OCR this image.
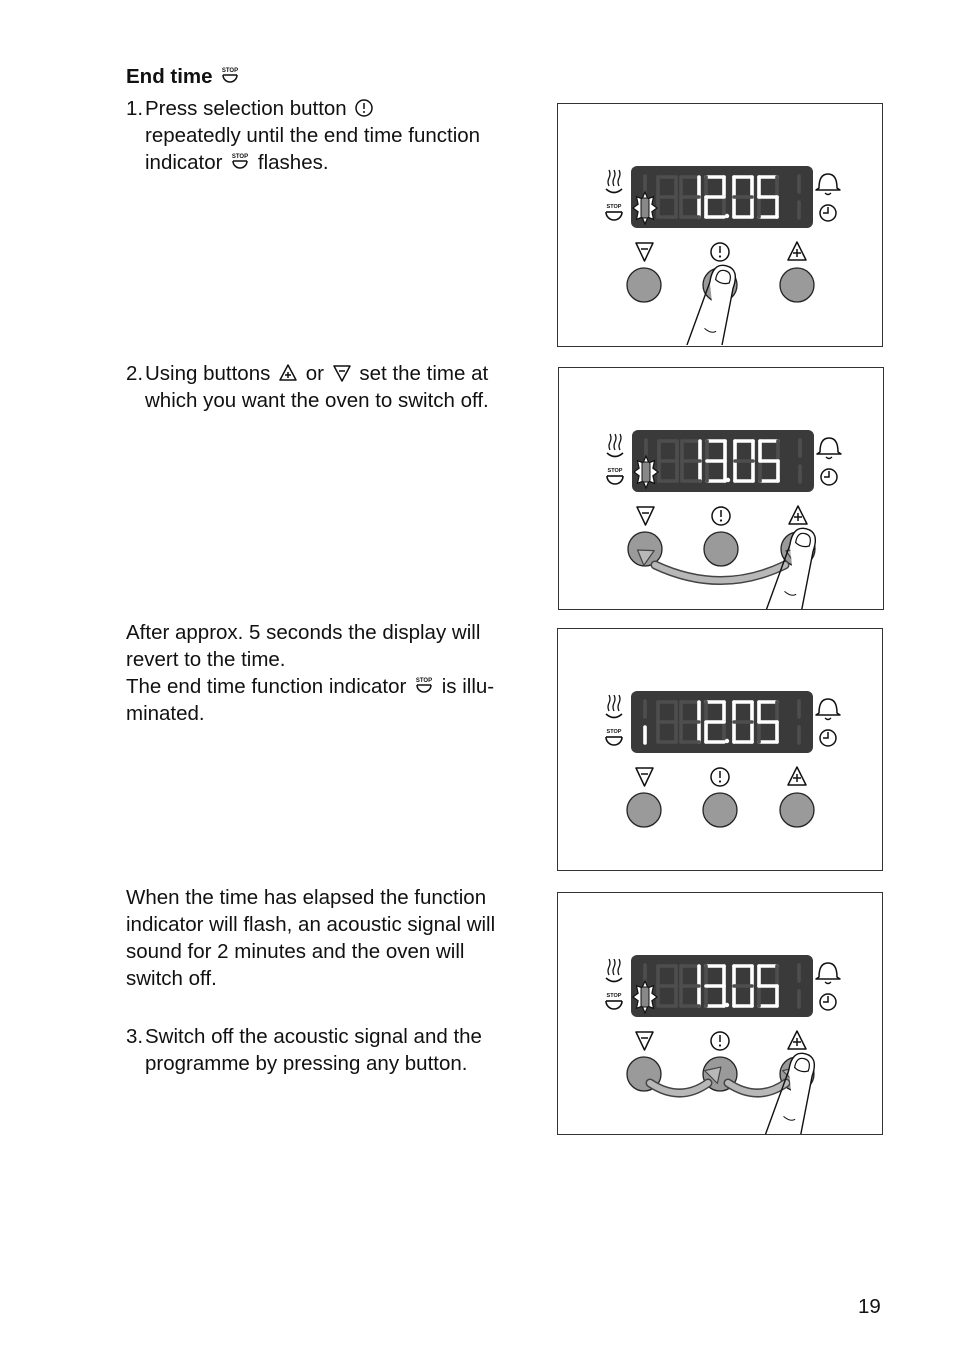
End time STOP
1. Press selection button
repeatedly until the end time function
indicator STOP flashes.
2. Using buttons or set the time at
which you want the oven to switch off.
After approx. 5 seconds the display will
revert to the time.
The end time function indicator STOP is illu-
minated.
When the time has elapsed the function
indicator will flash, an acoustic signal will
sound for 2 minutes and the oven will
switch off.
3. Switch off the acoustic signal and the
programme by pressing any button.
STOP
STOP
STOP
STOP
19
